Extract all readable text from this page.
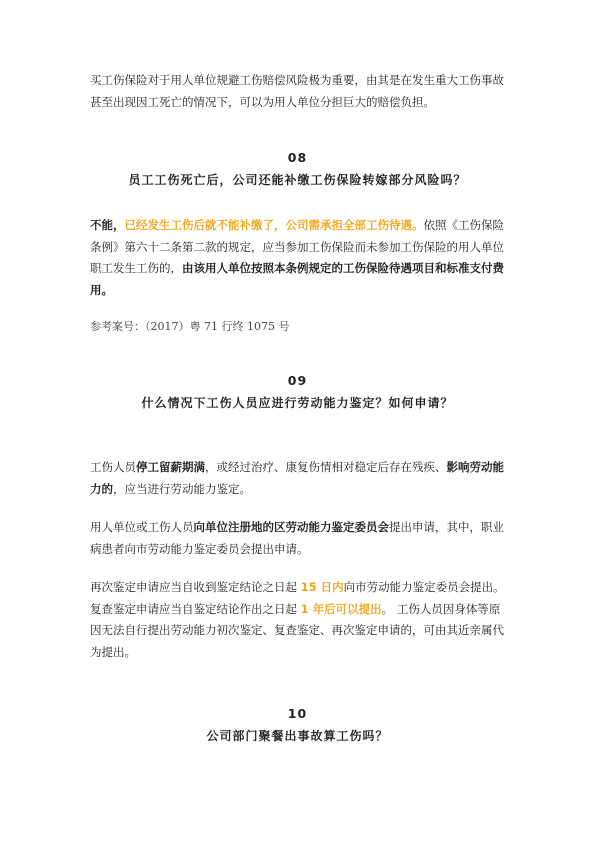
买工伤保险对于用人单位规避工伤赔偿风险极为重要，由其是在发生重大工伤事故甚至出现因工死亡的情况下，可以为用人单位分担巨大的赔偿负担。

08

员工工伤死亡后，公司还能补缴工伤保险转嫁部分风险吗？

不能，已经发生工伤后就不能补缴了，公司需承担全部工伤待遇。依照《工伤保险条例》第六十二条第二款的规定，应当参加工伤保险而未参加工伤保险的用人单位职工发生工伤的，由该用人单位按照本条例规定的工伤保险待遇项目和标准支付费用。

参考案号：（2017）粤 71 行终 1075 号

09

什么情况下工伤人员应进行劳动能力鉴定？如何申请？

工伤人员停工留薪期满，或经过治疗、康复伤情相对稳定后存在残疾、影响劳动能力的，应当进行劳动能力鉴定。

用人单位或工伤人员向单位注册地的区劳动能力鉴定委员会提出申请，其中，职业病患者向市劳动能力鉴定委员会提出申请。

再次鉴定申请应当自收到鉴定结论之日起 15 日内向市劳动能力鉴定委员会提出。复查鉴定申请应当自鉴定结论作出之日起 1 年后可以提出。 工伤人员因身体等原因无法自行提出劳动能力初次鉴定、复查鉴定、再次鉴定申请的，可由其近亲属代为提出。

10

公司部门聚餐出事故算工伤吗？
